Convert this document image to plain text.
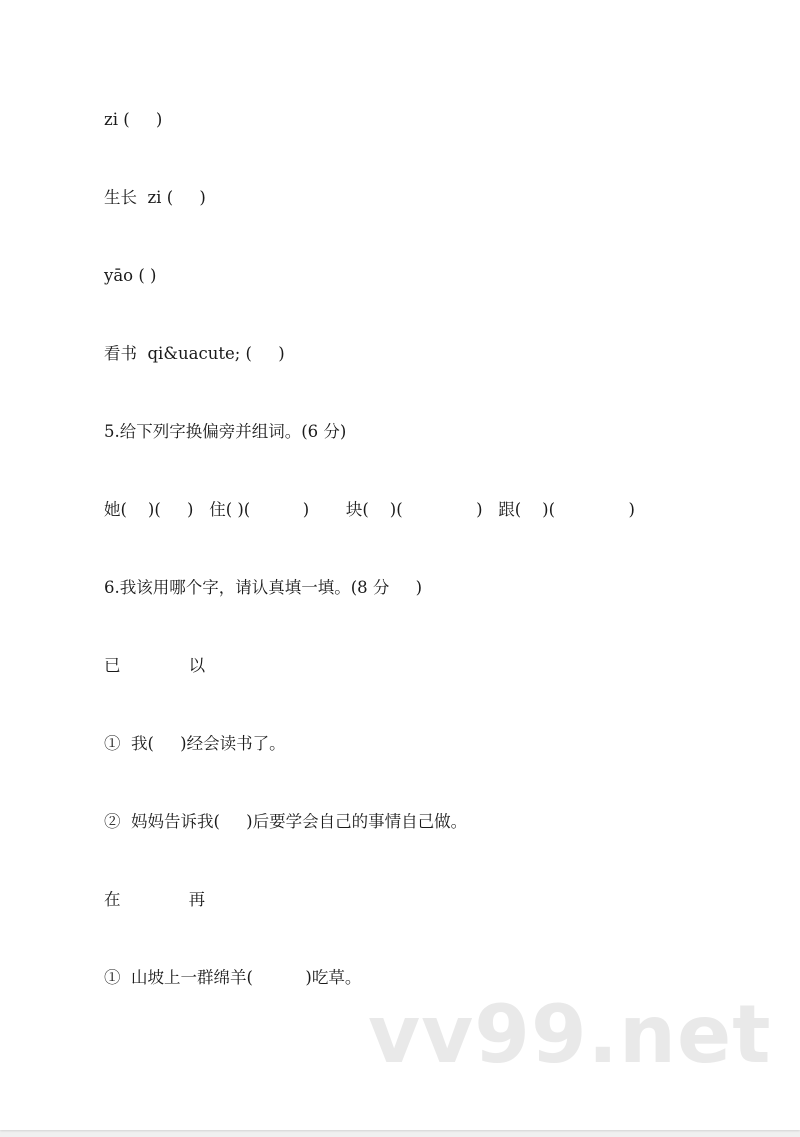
zi (     )
生长  zi (     )
yāo ( )
看书  qi&uacute; (     )
5.给下列字换偏旁并组词。(6 分)
她(    )(     )   住( )(          )       块(    )(              )   跟(    )(              )
6.我该用哪个字，请认真填一填。(8 分     )
已             以
①  我(     )经会读书了。
②  妈妈告诉我(     )后要学会自己的事情自己做。
在             再
①  山坡上一群绵羊(          )吃草。
vv99.net
